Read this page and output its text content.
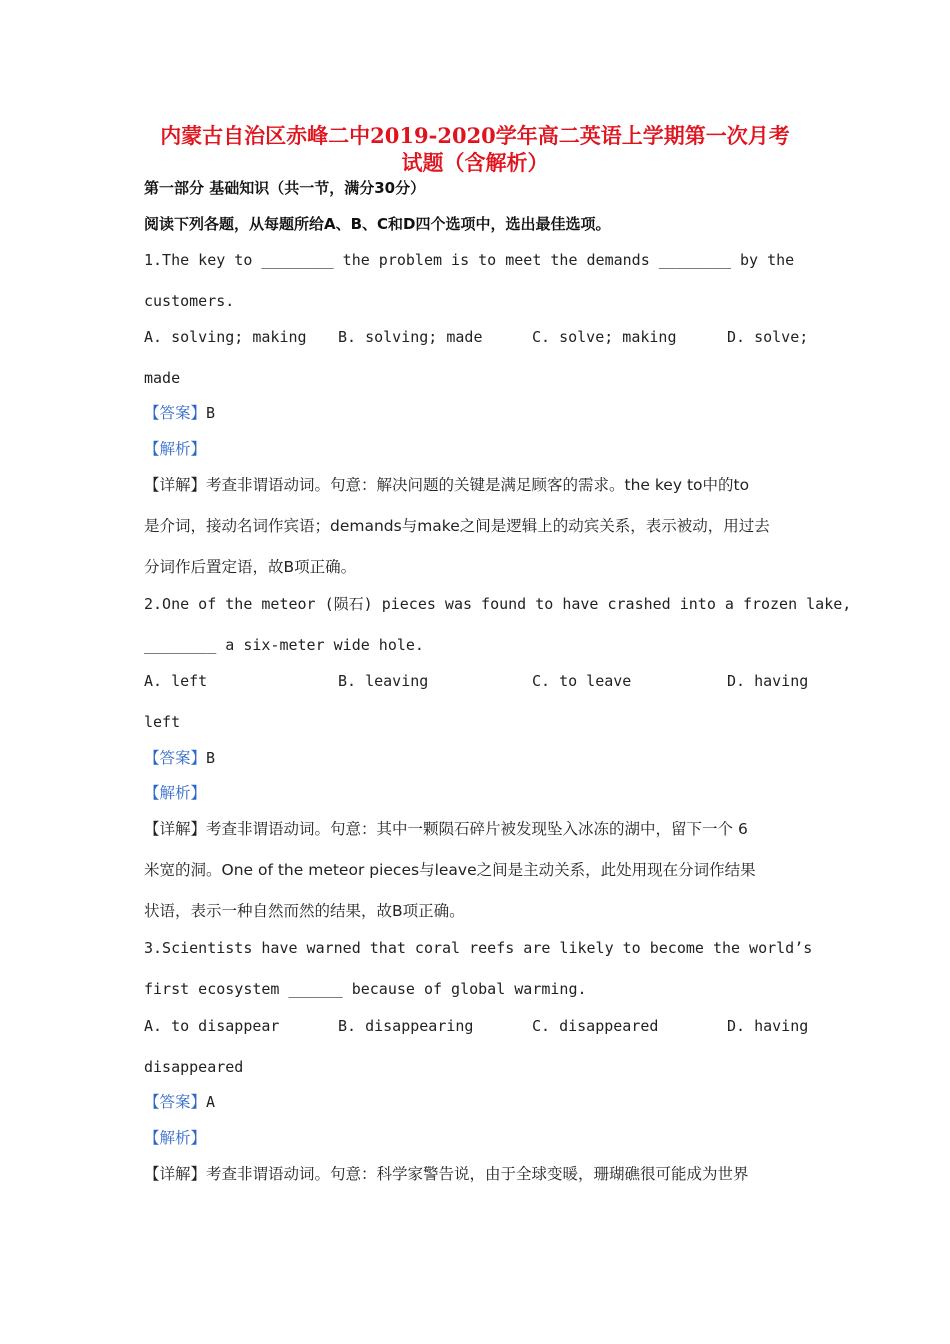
内蒙古自治区赤峰二中2019-2020学年高二英语上学期第一次月考
试题（含解析）
第一部分 基础知识（共一节，满分30分）
阅读下列各题，从每题所给A、B、C和D四个选项中，选出最佳选项。
1.The key to ________ the problem is to meet the demands ________ by the
customers.
A. solving; making B. solving; made	C. solve; making	D. solve;
made
【答案】B
【解析】
【详解】考查非谓语动词。句意：解决问题的关键是满足顾客的需求。the key to中的to
是介词，接动名词作宾语；demands与make之间是逻辑上的动宾关系，表示被动，用过去
分词作后置定语，故B项正确。
2.One of the meteor (陨石) pieces was found to have crashed into a frozen lake,
________ a six-meter wide hole.
A. left	B. leaving	C. to leave	D. having
left
【答案】B
【解析】
【详解】考查非谓语动词。句意：其中一颗陨石碎片被发现坠入冰冻的湖中，留下一个 6
米宽的洞。One of the meteor pieces与leave之间是主动关系，此处用现在分词作结果
状语，表示一种自然而然的结果，故B项正确。
3.Scientists have warned that coral reefs are likely to become the world’s
first ecosystem ______ because of global warming.
A. to disappear	B. disappearing	C. disappeared	D. having
disappeared
【答案】A
【解析】
【详解】考查非谓语动词。句意：科学家警告说，由于全球变暖，珊瑚礁很可能成为世界
